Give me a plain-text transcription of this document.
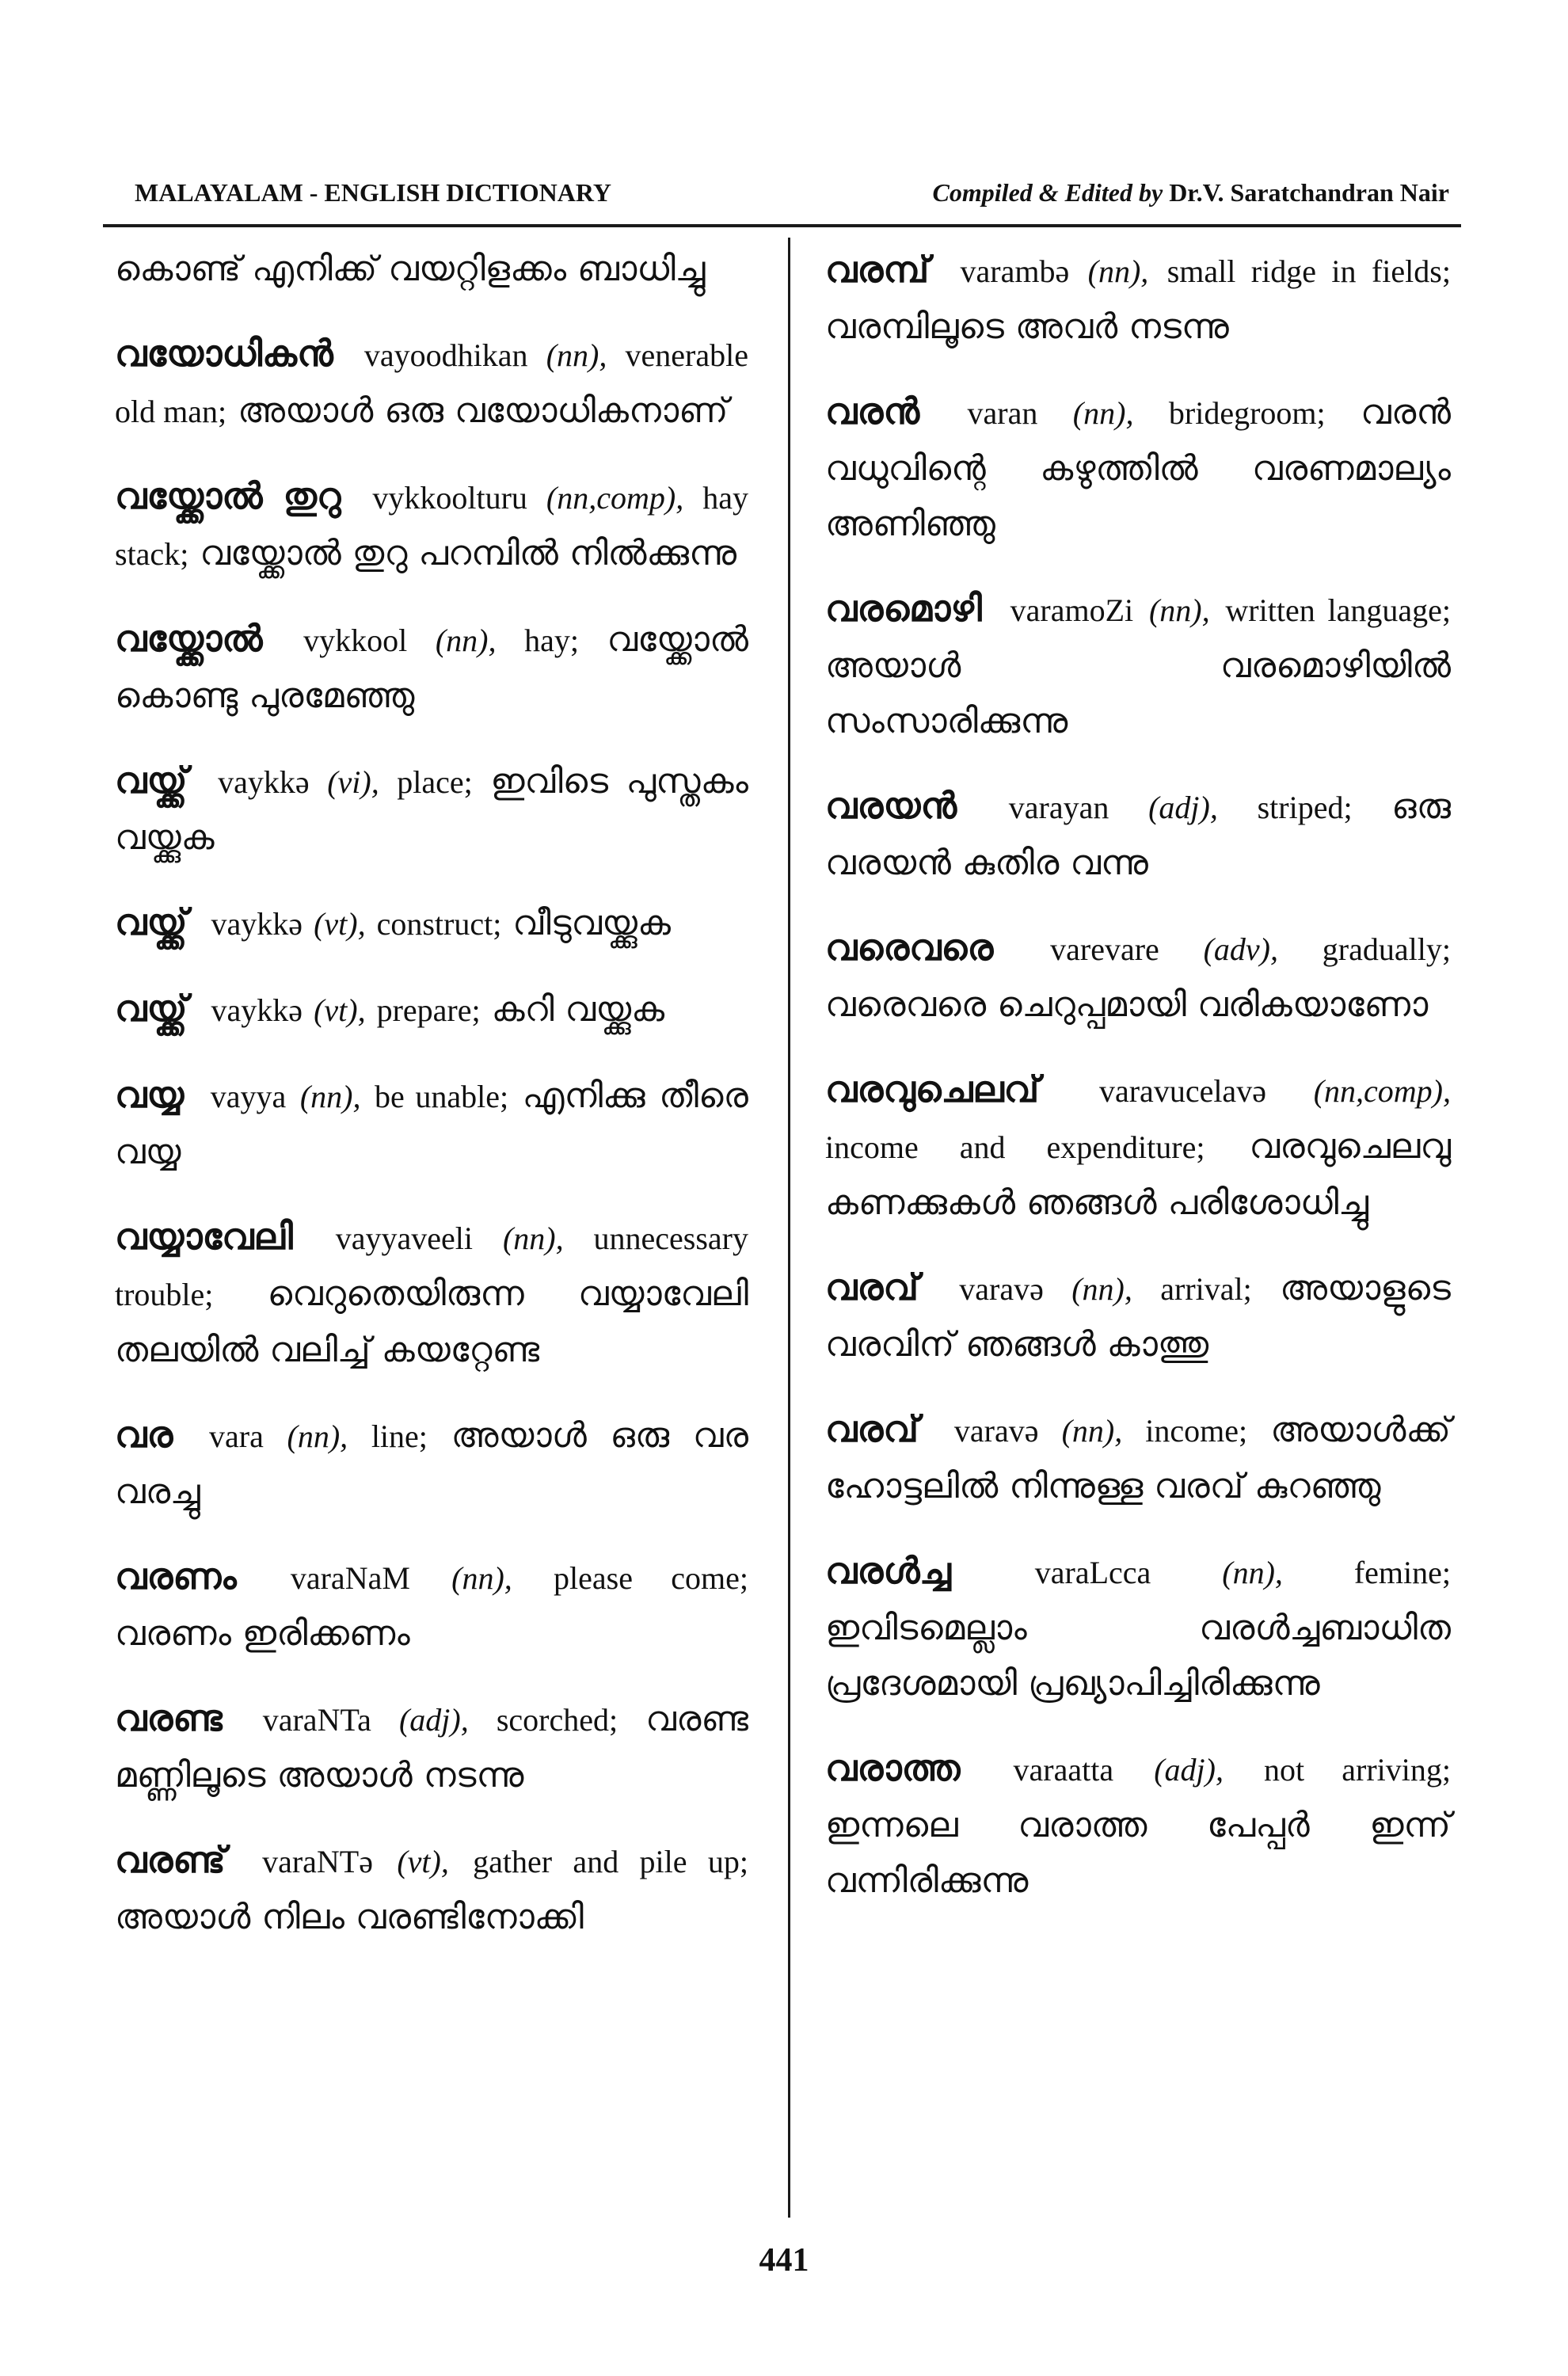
MALAYALAM - ENGLISH DICTIONARY	Compiled & Edited by Dr.V. Saratchandran Nair
കൊണ്ട് എനിക്ക് വയറ്റിളക്കം ബാധിച്ചു
വയോധികൻ vayoodhikan (nn), venerable old man; അയാൾ ഒരു വയോധികനാണ്
വയ്ക്കോൽ തുറു vykkoolturu (nn,comp), hay stack; വയ്ക്കോൽ തുറു പറമ്പിൽ നിൽക്കുന്നു
വയ്ക്കോൽ vykkool (nn), hay; വയ്ക്കോൽ കൊണ്ടു പുരമേഞ്ഞു
വയ്ക്ക് vaykkə (vi), place; ഇവിടെ പുസ്തകം വയ്ക്കുക
വയ്ക്ക് vaykkə (vt), construct; വീടുവയ്ക്കുക
വയ്ക്ക് vaykkə (vt), prepare; കറി വയ്ക്കുക
വയ്യ vayya (nn), be unable; എനിക്കു തീരെ വയ്യ
വയ്യാവേലി vayyaveeli (nn), unnecessary trouble; വെറുതെയിരുന്ന വയ്യാവേലി തലയിൽ വലിച്ച് കയറ്റേണ്ട
വര vara (nn), line; അയാൾ ഒരു വര വരച്ചു
വരണം varaNaM (nn), please come; വരണം ഇരിക്കണം
വരണ്ട varaNTa (adj), scorched; വരണ്ട മണ്ണിലൂടെ അയാൾ നടന്നു
വരണ്ട് varaNTə (vt), gather and pile up; അയാൾ നിലം വരണ്ടിനോക്കി
വരമ്പ് varambə (nn), small ridge in fields; വരമ്പിലൂടെ അവർ നടന്നു
വരൻ varan (nn), bridegroom; വരൻ വധുവിന്റെ കഴുത്തിൽ വരണമാല്യം അണിഞ്ഞു
വരമൊഴി varamoZi (nn), written language; അയാൾ വരമൊഴിയിൽ സംസാരിക്കുന്നു
വരയൻ varayan (adj), striped; ഒരു വരയൻ കുതിര വന്നു
വരെവരെ varevare (adv), gradually; വരെവരെ ചെറുപ്പമായി വരികയാണോ
വരവുചെലവ് varavucelavə (nn,comp), income and expenditure; വരവുചെലവു കണക്കുകൾ ഞങ്ങൾ പരിശോധിച്ചു
വരവ് varavə (nn), arrival; അയാളുടെ വരവിന് ഞങ്ങൾ കാത്തു
വരവ് varavə (nn), income; അയാൾക്ക് ഹോട്ടലിൽ നിന്നുള്ള വരവ് കുറഞ്ഞു
വരൾച്ച	varaLcca (nn), femine; ഇവിടമെല്ലാം വരൾച്ചബാധിത പ്രദേശമായി പ്രഖ്യാപിച്ചിരിക്കുന്നു
വരാത്ത varaatta (adj), not arriving; ഇന്നലെ വരാത്ത പേപ്പർ ഇന്ന് വന്നിരിക്കുന്നു
441
